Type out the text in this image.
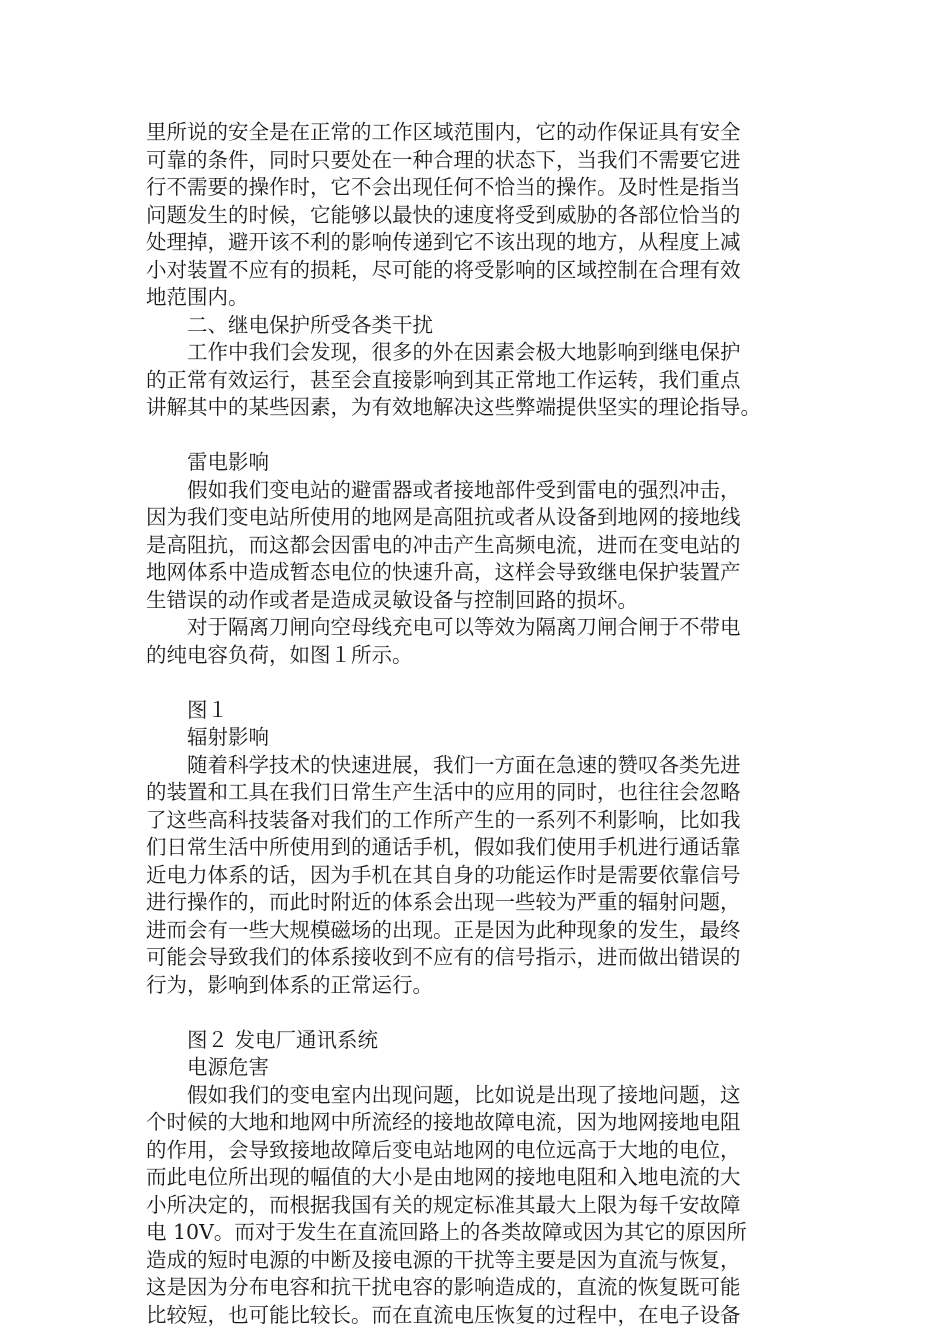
里所说的安全是在正常的工作区域范围内，它的动作保证具有安全
可靠的条件，同时只要处在一种合理的状态下，当我们不需要它进
行不需要的操作时，它不会出现任何不恰当的操作。及时性是指当
问题发生的时候，它能够以最快的速度将受到威胁的各部位恰当的
处理掉，避开该不利的影响传递到它不该出现的地方，从程度上减
小对装置不应有的损耗，尽可能的将受影响的区域控制在合理有效
地范围内。
二、继电保护所受各类干扰
工作中我们会发现，很多的外在因素会极大地影响到继电保护
的正常有效运行，甚至会直接影响到其正常地工作运转，我们重点
讲解其中的某些因素，为有效地解决这些弊端提供坚实的理论指导。
雷电影响
假如我们变电站的避雷器或者接地部件受到雷电的强烈冲击，
因为我们变电站所使用的地网是高阻抗或者从设备到地网的接地线
是高阻抗，而这都会因雷电的冲击产生高频电流，进而在变电站的
地网体系中造成暂态电位的快速升高，这样会导致继电保护装置产
生错误的动作或者是造成灵敏设备与控制回路的损坏。
对于隔离刀闸向空母线充电可以等效为隔离刀闸合闸于不带电
的纯电容负荷，如图１所示。
图１
辐射影响
随着科学技术的快速进展，我们一方面在急速的赞叹各类先进
的装置和工具在我们日常生产生活中的应用的同时，也往往会忽略
了这些高科技装备对我们的工作所产生的一系列不利影响，比如我
们日常生活中所使用到的通话手机，假如我们使用手机进行通话靠
近电力体系的话，因为手机在其自身的功能运作时是需要依靠信号
进行操作的，而此时附近的体系会出现一些较为严重的辐射问题，
进而会有一些大规模磁场的出现。正是因为此种现象的发生，最终
可能会导致我们的体系接收到不应有的信号指示，进而做出错误的
行为，影响到体系的正常运行。
图２ 发电厂通讯系统
电源危害
假如我们的变电室内出现问题，比如说是出现了接地问题，这
个时候的大地和地网中所流经的接地故障电流，因为地网接地电阻
的作用，会导致接地故障后变电站地网的电位远高于大地的电位，
而此电位所出现的幅值的大小是由地网的接地电阻和入地电流的大
小所决定的，而根据我国有关的规定标准其最大上限为每千安故障
电 10V。而对于发生在直流回路上的各类故障或因为其它的原因所
造成的短时电源的中断及接电源的干扰等主要是因为直流与恢复，
这是因为分布电容和抗干扰电容的影响造成的，直流的恢复既可能
比较短，也可能比较长。而在直流电压恢复的过程中，在电子设备
